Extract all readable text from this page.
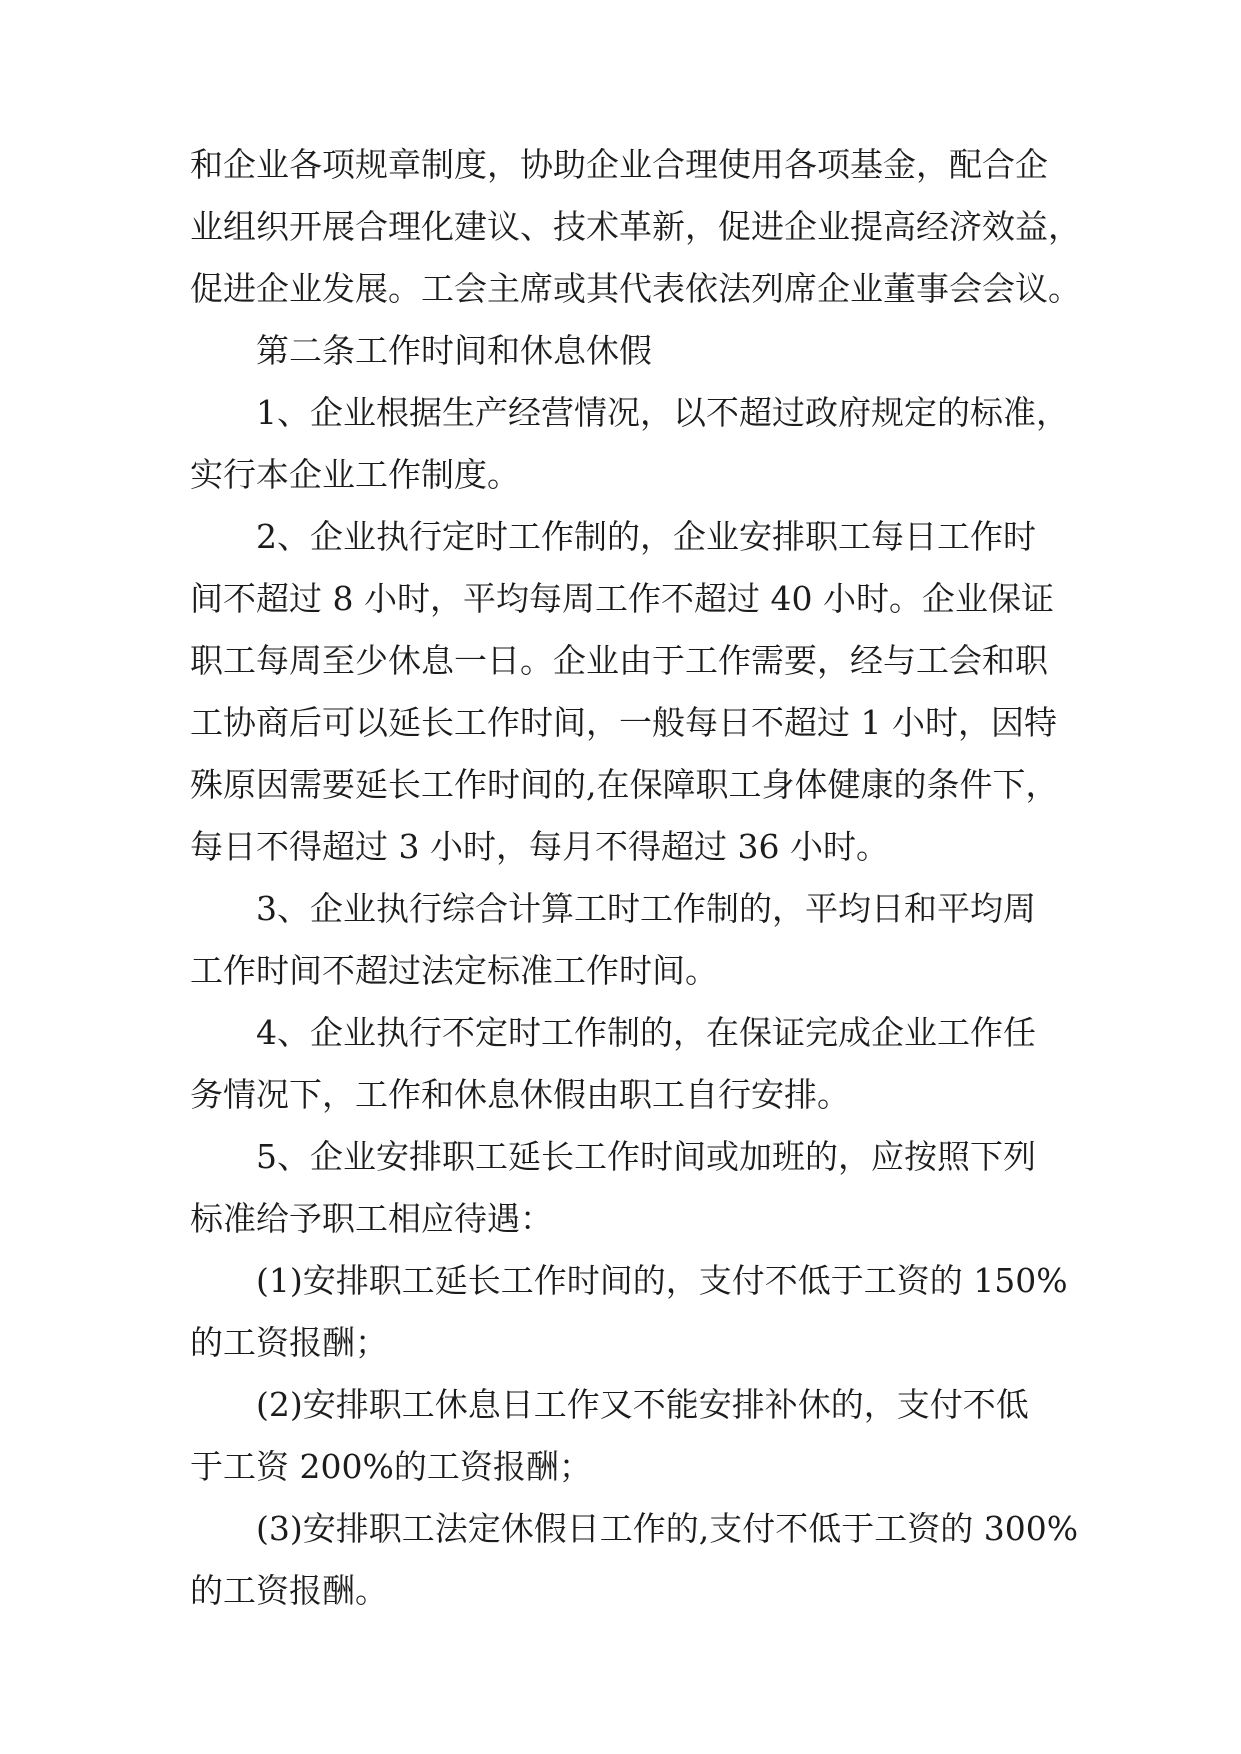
和企业各项规章制度，协助企业合理使用各项基金，配合企
业组织开展合理化建议、技术革新，促进企业提高经济效益，
促进企业发展。工会主席或其代表依法列席企业董事会会议。
第二条工作时间和休息休假
1、企业根据生产经营情况，以不超过政府规定的标准，
实行本企业工作制度。
2、企业执行定时工作制的，企业安排职工每日工作时
间不超过 8 小时，平均每周工作不超过 40 小时。企业保证
职工每周至少休息一日。企业由于工作需要，经与工会和职
工协商后可以延长工作时间，一般每日不超过 1 小时，因特
殊原因需要延长工作时间的,在保障职工身体健康的条件下，
每日不得超过 3 小时，每月不得超过 36 小时。
3、企业执行综合计算工时工作制的，平均日和平均周
工作时间不超过法定标准工作时间。
4、企业执行不定时工作制的，在保证完成企业工作任
务情况下，工作和休息休假由职工自行安排。
5、企业安排职工延长工作时间或加班的，应按照下列
标准给予职工相应待遇：
(1)安排职工延长工作时间的，支付不低于工资的 150%
的工资报酬；
(2)安排职工休息日工作又不能安排补休的，支付不低
于工资 200%的工资报酬；
(3)安排职工法定休假日工作的,支付不低于工资的 300%
的工资报酬。
